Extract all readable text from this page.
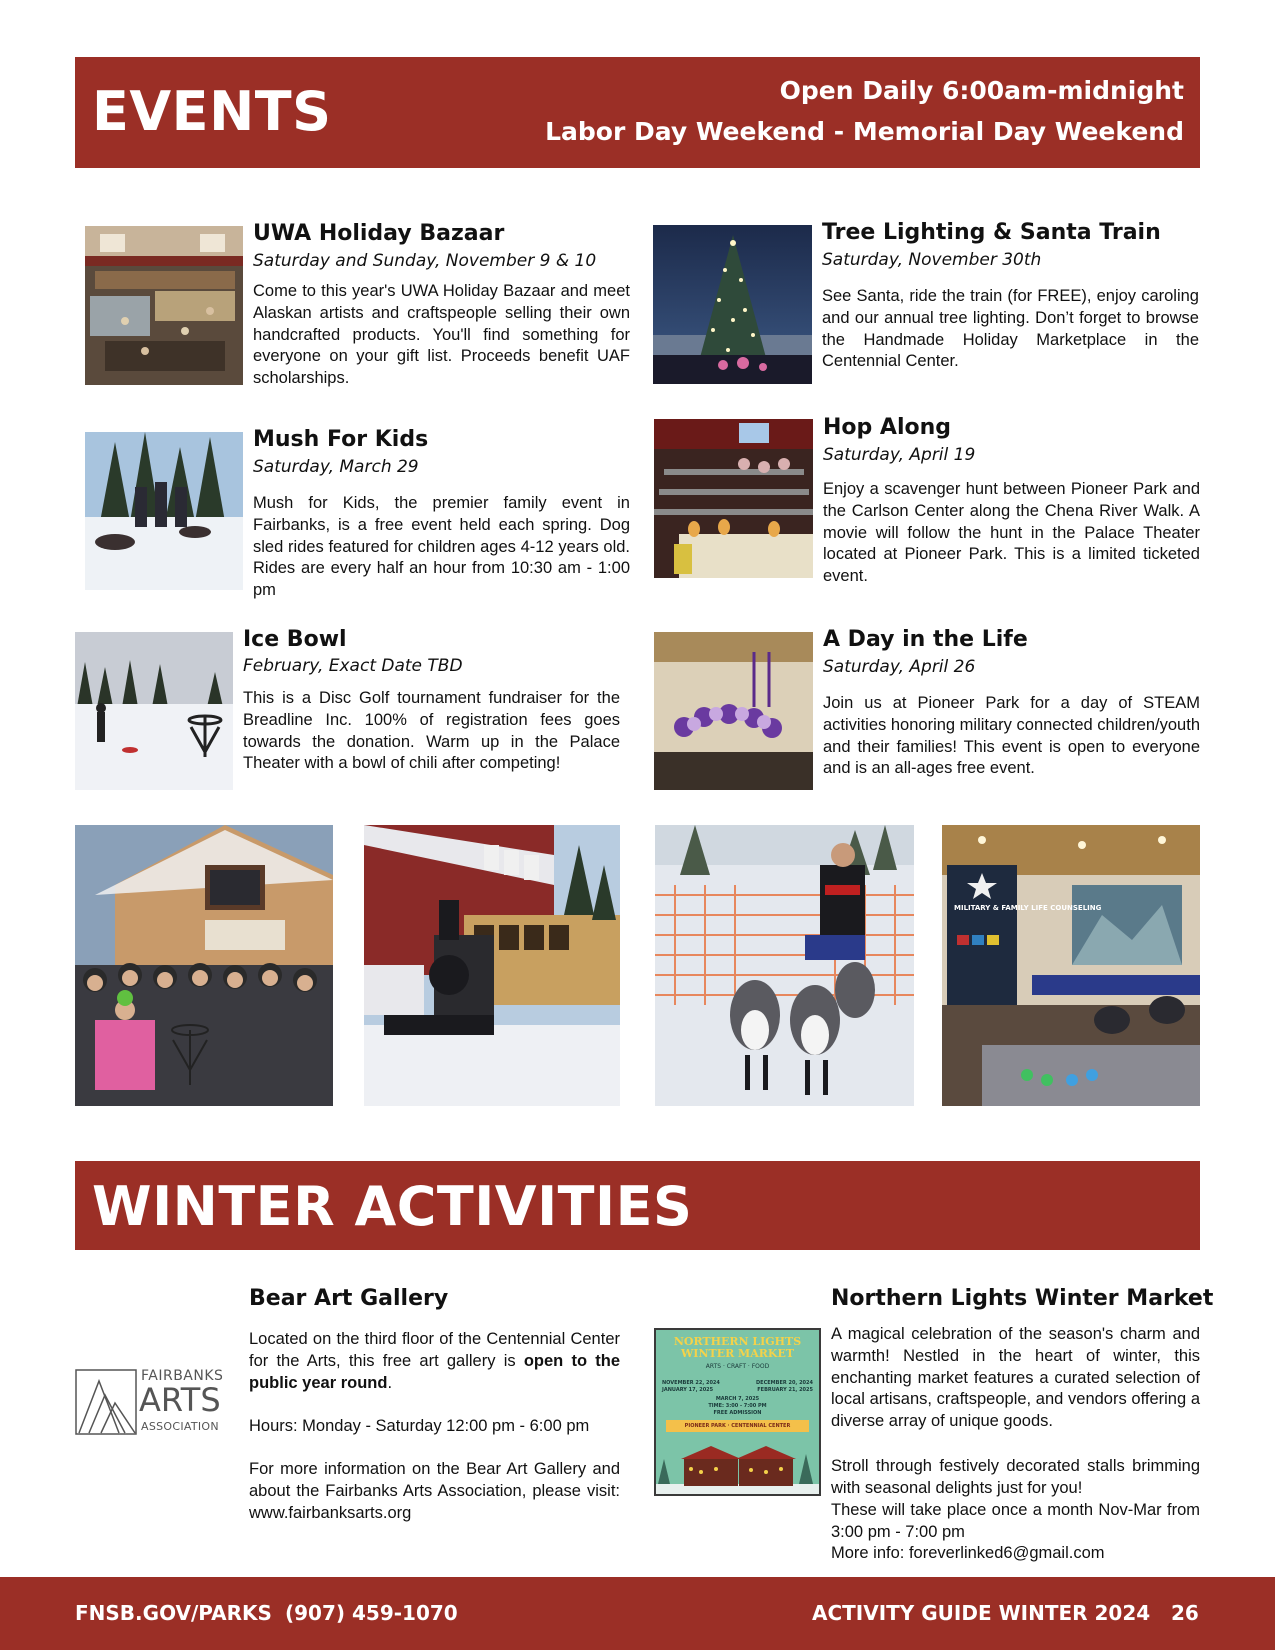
EVENTS	Open Daily 6:00am-midnight
Labor Day Weekend - Memorial Day Weekend
UWA Holiday Bazaar
Saturday and Sunday, November 9 & 10
Come to this year's UWA Holiday Bazaar and meet Alaskan artists and craftspeople selling their own handcrafted products. You'll find something for everyone on your gift list. Proceeds benefit UAF scholarships.
Tree Lighting & Santa Train
Saturday, November 30th
See Santa, ride the train (for FREE), enjoy caroling and our annual tree lighting. Don’t forget to browse the Handmade Holiday Marketplace in the Centennial Center.
Mush For Kids
Saturday, March 29
Mush for Kids, the premier family event in Fairbanks, is a free event held each spring. Dog sled rides featured for children ages 4-12 years old. Rides are every half an hour from 10:30 am - 1:00 pm
Hop Along
Saturday, April 19
Enjoy a scavenger hunt between Pioneer Park and the Carlson Center along the Chena River Walk. A movie will follow the hunt in the Palace Theater located at Pioneer Park. This is a limited ticketed event.
Ice Bowl
February, Exact Date TBD
This is a Disc Golf tournament fundraiser for the Breadline Inc. 100% of registration fees goes towards the donation. Warm up in the Palace Theater with a bowl of chili after competing!
A Day in the Life
Saturday, April 26
Join us at Pioneer Park for a day of STEAM activities honoring military connected children/youth and their families! This event is open to everyone and is an all-ages free event.
MILITARY & FAMILY LIFE COUNSELING
WINTER ACTIVITIES
FAIRBANKS
ARTS
ASSOCIATION
Bear Art Gallery
Located on the third floor of the Centennial Center for the Arts, this free art gallery is open to the public year round.
Hours: Monday - Saturday 12:00 pm - 6:00 pm
For more information on the Bear Art Gallery and about the Fairbanks Arts Association, please visit: www.fairbanksarts.org
NORTHERN LIGHTS
WINTER MARKET
ARTS · CRAFT · FOOD
NOVEMBER 22, 2024
JANUARY 17, 2025
DECEMBER 20, 2024
FEBRUARY 21, 2025
MARCH 7, 2025
TIME: 3:00 - 7:00 PM
FREE ADMISSION
PIONEER PARK · CENTENNIAL CENTER
Northern Lights Winter Market
A magical celebration of the season's charm and warmth! Nestled in the heart of winter, this enchanting market features a curated selection of local artisans, craftspeople, and vendors offering a diverse array of unique goods.
Stroll through festively decorated stalls brimming with seasonal delights just for you!
These will take place once a month Nov-Mar from 3:00 pm - 7:00 pm
More info: foreverlinked6@gmail.com
FNSB.GOV/PARKS (907) 459-1070	ACTIVITY GUIDE WINTER 2024 26
